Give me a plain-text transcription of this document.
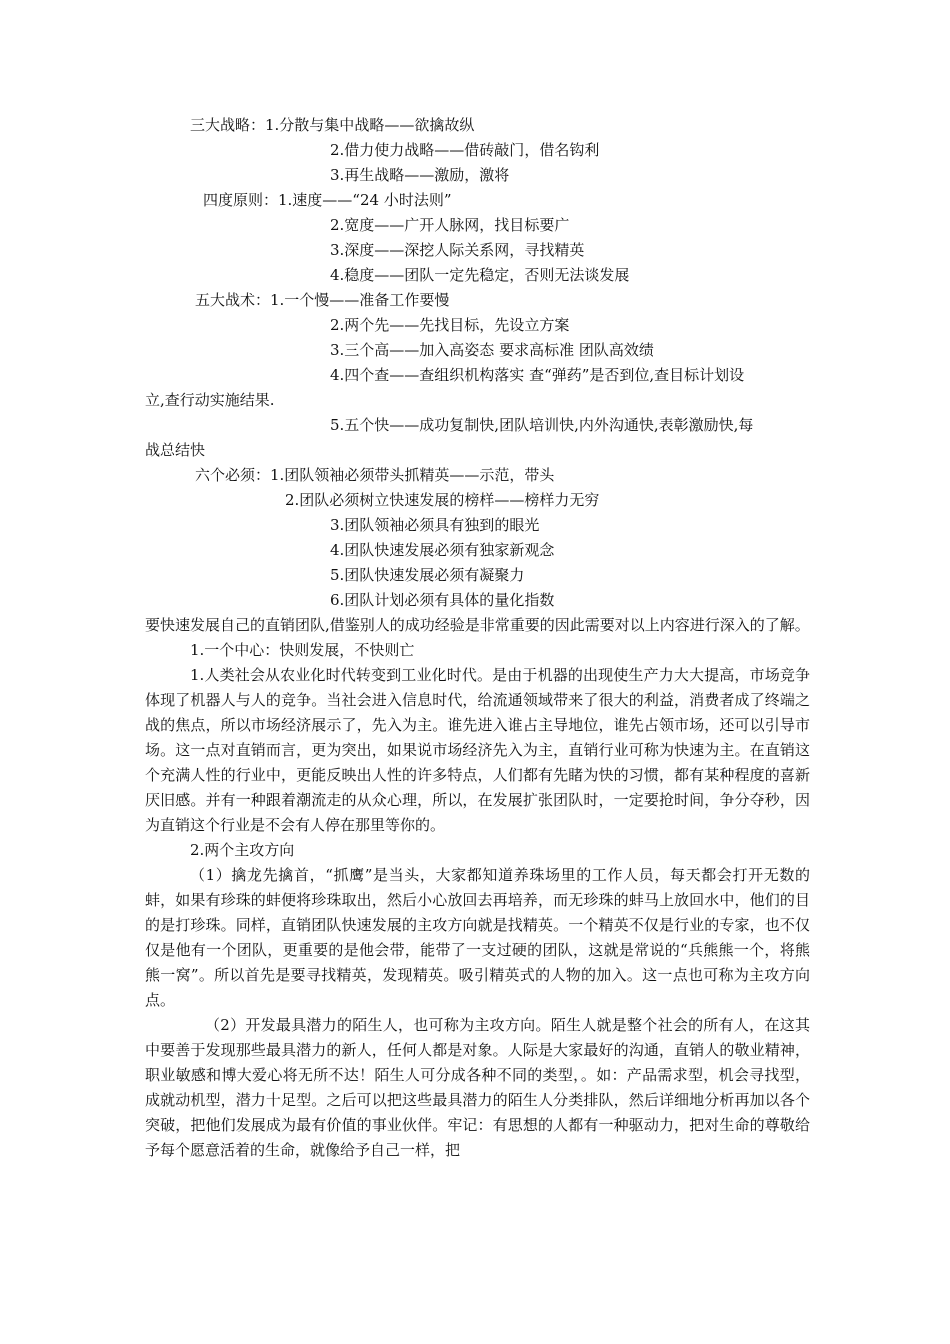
三大战略：1.分散与集中战略——欲擒故纵
2.借力使力战略——借砖敲门，借名钩利
3.再生战略——激励，激将
四度原则：1.速度——“24 小时法则”
2.宽度——广开人脉网，找目标要广
3.深度——深挖人际关系网，寻找精英
4.稳度——团队一定先稳定，否则无法谈发展
五大战术：1.一个慢——准备工作要慢
2.两个先——先找目标，先设立方案
3.三个高——加入高姿态 要求高标准 团队高效绩
4.四个查——查组织机构落实 查“弹药”是否到位,查目标计划设
立,查行动实施结果.
5.五个快——成功复制快,团队培训快,内外沟通快,表彰激励快,每
战总结快
六个必须：1.团队领袖必须带头抓精英——示范，带头
2.团队必须树立快速发展的榜样——榜样力无穷
3.团队领袖必须具有独到的眼光
4.团队快速发展必须有独家新观念
5.团队快速发展必须有凝聚力
6.团队计划必须有具体的量化指数
要快速发展自己的直销团队,借鉴别人的成功经验是非常重要的因此需要对以上内容进行深入的了解。
1.一个中心：快则发展，不快则亡
1.人类社会从农业化时代转变到工业化时代。是由于机器的出现使生产力大大提高，市场竞争体现了机器人与人的竞争。当社会进入信息时代，给流通领域带来了很大的利益，消费者成了终端之战的焦点，所以市场经济展示了，先入为主。谁先进入谁占主导地位，谁先占领市场，还可以引导市场。这一点对直销而言，更为突出，如果说市场经济先入为主，直销行业可称为快速为主。在直销这个充满人性的行业中，更能反映出人性的许多特点，人们都有先睹为快的习惯，都有某种程度的喜新厌旧感。并有一种跟着潮流走的从众心理，所以，在发展扩张团队时，一定要抢时间，争分夺秒，因为直销这个行业是不会有人停在那里等你的。
2.两个主攻方向
（1）擒龙先擒首，“抓鹰”是当头，大家都知道养珠场里的工作人员，每天都会打开无数的蚌，如果有珍珠的蚌便将珍珠取出，然后小心放回去再培养，而无珍珠的蚌马上放回水中，他们的目的是打珍珠。同样，直销团队快速发展的主攻方向就是找精英。一个精英不仅是行业的专家，也不仅仅是他有一个团队，更重要的是他会带，能带了一支过硬的团队，这就是常说的“兵熊熊一个，将熊熊一窝”。所以首先是要寻找精英，发现精英。吸引精英式的人物的加入。这一点也可称为主攻方向点。
（2）开发最具潜力的陌生人，也可称为主攻方向。陌生人就是整个社会的所有人，在这其中要善于发现那些最具潜力的新人，任何人都是对象。人际是大家最好的沟通，直销人的敬业精神，职业敏感和博大爱心将无所不达！陌生人可分成各种不同的类型，。如：产品需求型，机会寻找型，成就动机型，潜力十足型。之后可以把这些最具潜力的陌生人分类排队，然后详细地分析再加以各个突破，把他们发展成为最有价值的事业伙伴。牢记：有思想的人都有一种驱动力，把对生命的尊敬给予每个愿意活着的生命，就像给予自己一样，把
